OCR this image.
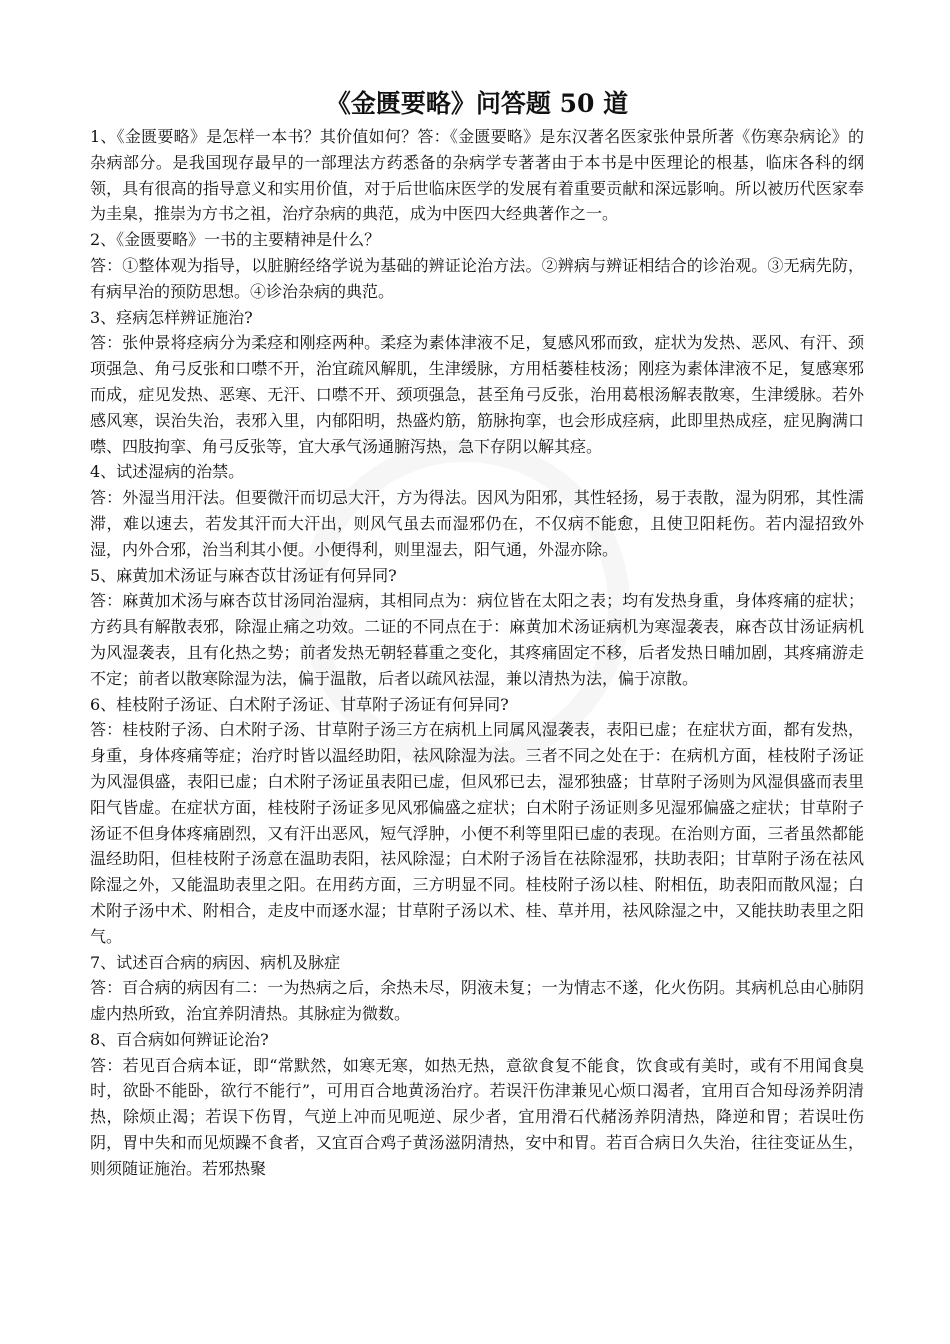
《金匮要略》问答题 50 道

1、《金匮要略》是怎样一本书？其价值如何？答：《金匮要略》是东汉著名医家张仲景所著《伤寒杂病论》的杂病部分。是我国现存最早的一部理法方药悉备的杂病学专著著由于本书是中医理论的根基，临床各科的纲领，具有很高的指导意义和实用价值，对于后世临床医学的发展有着重要贡献和深远影响。所以被历代医家奉为圭臬，推崇为方书之祖，治疗杂病的典范，成为中医四大经典著作之一。

2、《金匮要略》一书的主要精神是什么？

答：①整体观为指导，以脏腑经络学说为基础的辨证论治方法。②辨病与辨证相结合的诊治观。③无病先防，有病早治的预防思想。④诊治杂病的典范。

3、痉病怎样辨证施治?

答：张仲景将痉病分为柔痉和刚痉两种。柔痉为素体津液不足，复感风邪而致，症状为发热、恶风、有汗、颈项强急、角弓反张和口噤不开，治宜疏风解肌，生津缓脉，方用栝蒌桂枝汤；刚痉为素体津液不足，复感寒邪而成，症见发热、恶寒、无汗、口噤不开、颈项强急，甚至角弓反张，治用葛根汤解表散寒，生津缓脉。若外感风寒，误治失治，表邪入里，内郁阳明，热盛灼筋，筋脉拘挛，也会形成痉病，此即里热成痉，症见胸满口噤、四肢拘挛、角弓反张等，宜大承气汤通腑泻热，急下存阴以解其痉。

4、试述湿病的治禁。

答：外湿当用汗法。但要微汗而切忌大汗，方为得法。因风为阳邪，其性轻扬，易于表散，湿为阴邪，其性濡滞，难以速去，若发其汗而大汗出，则风气虽去而湿邪仍在，不仅病不能愈，且使卫阳耗伤。若内湿招致外湿，内外合邪，治当利其小便。小便得利，则里湿去，阳气通，外湿亦除。

5、麻黄加术汤证与麻杏苡甘汤证有何异同?

答：麻黄加术汤与麻杏苡甘汤同治湿病，其相同点为：病位皆在太阳之表；均有发热身重，身体疼痛的症状；方药具有解散表邪，除湿止痛之功效。二证的不同点在于：麻黄加术汤证病机为寒湿袭表，麻杏苡甘汤证病机为风湿袭表，且有化热之势；前者发热无朝轻暮重之变化，其疼痛固定不移，后者发热日晡加剧，其疼痛游走不定；前者以散寒除湿为法，偏于温散，后者以疏风祛湿，兼以清热为法，偏于凉散。

6、桂枝附子汤证、白术附子汤证、甘草附子汤证有何异同?

答：桂枝附子汤、白术附子汤、甘草附子汤三方在病机上同属风湿袭表，表阳已虚；在症状方面，都有发热，身重，身体疼痛等症；治疗时皆以温经助阳，祛风除湿为法。三者不同之处在于：在病机方面，桂枝附子汤证为风湿俱盛，表阳已虚；白术附子汤证虽表阳已虚，但风邪已去，湿邪独盛；甘草附子汤则为风湿俱盛而表里阳气皆虚。在症状方面，桂枝附子汤证多见风邪偏盛之症状；白术附子汤证则多见湿邪偏盛之症状；甘草附子汤证不但身体疼痛剧烈，又有汗出恶风，短气浮肿，小便不利等里阳已虚的表现。在治则方面，三者虽然都能温经助阳，但桂枝附子汤意在温助表阳，祛风除湿；白术附子汤旨在祛除湿邪，扶助表阳；甘草附子汤在祛风除湿之外，又能温助表里之阳。在用药方面，三方明显不同。桂枝附子汤以桂、附相伍，助表阳而散风湿；白术附子汤中术、附相合，走皮中而逐水湿；甘草附子汤以术、桂、草并用，祛风除湿之中，又能扶助表里之阳气。

7、试述百合病的病因、病机及脉症

答：百合病的病因有二：一为热病之后，余热未尽，阴液未复；一为情志不遂，化火伤阴。其病机总由心肺阴虚内热所致，治宜养阴清热。其脉症为微数。

8、百合病如何辨证论治?

答：若见百合病本证，即“常默然，如寒无寒，如热无热，意欲食复不能食，饮食或有美时，或有不用闻食臭时，欲卧不能卧，欲行不能行”，可用百合地黄汤治疗。若误汗伤津兼见心烦口渴者，宜用百合知母汤养阴清热，除烦止渴；若误下伤胃，气逆上冲而见呃逆、尿少者，宜用滑石代赭汤养阴清热，降逆和胃；若误吐伤阴，胃中失和而见烦躁不食者，又宜百合鸡子黄汤滋阴清热，安中和胃。若百合病日久失治，往往变证丛生，则须随证施治。若邪热聚
